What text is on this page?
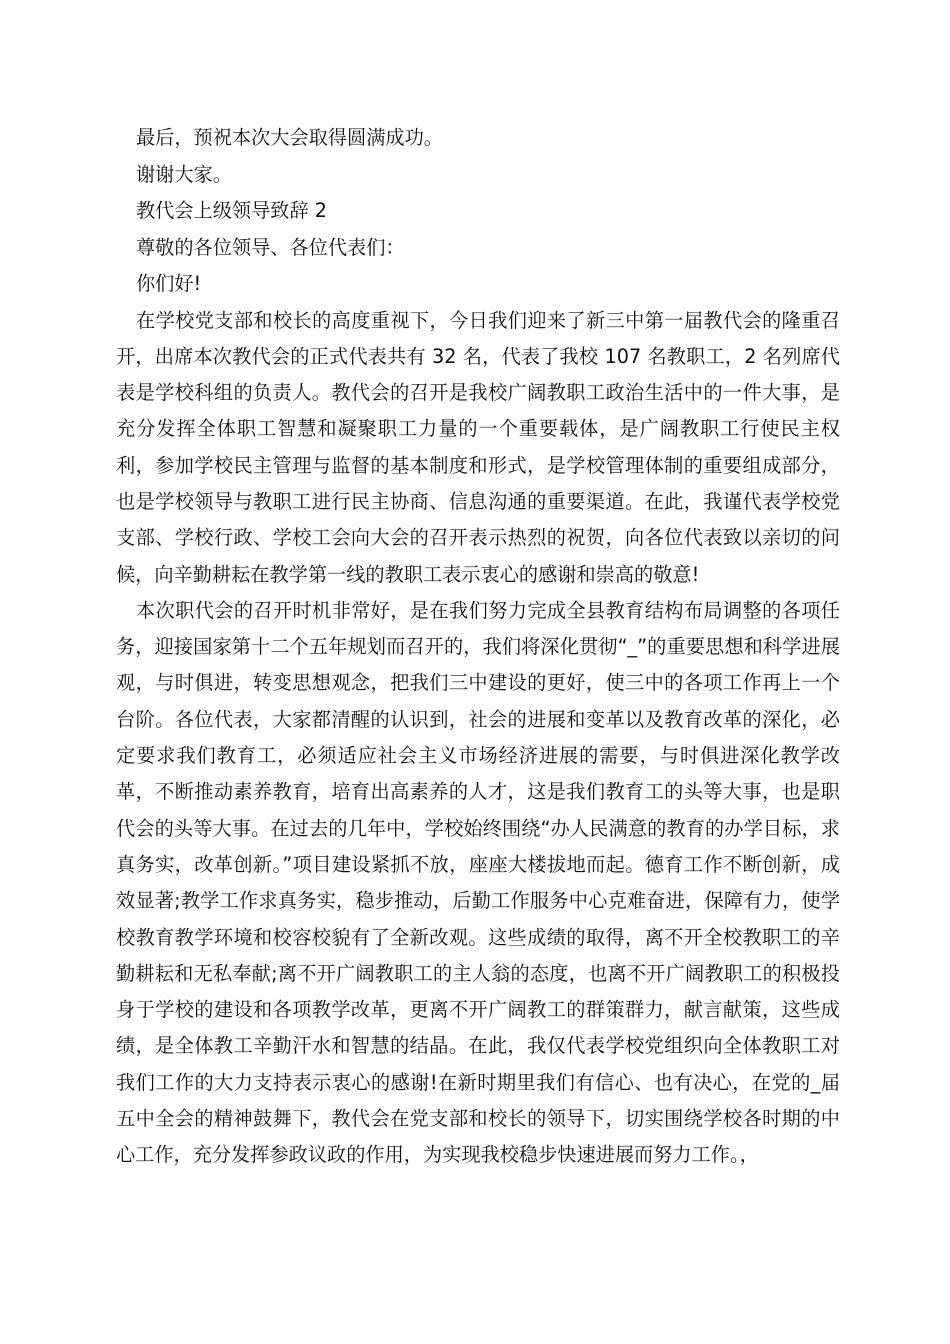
最后，预祝本次大会取得圆满成功。

谢谢大家。

教代会上级领导致辞 2

尊敬的各位领导、各位代表们：

你们好!

在学校党支部和校长的高度重视下，今日我们迎来了新三中第一届教代会的隆重召开，出席本次教代会的正式代表共有 32 名，代表了我校 107 名教职工，2 名列席代表是学校科组的负责人。教代会的召开是我校广阔教职工政治生活中的一件大事，是充分发挥全体职工智慧和凝聚职工力量的一个重要载体，是广阔教职工行使民主权利，参加学校民主管理与监督的基本制度和形式，是学校管理体制的重要组成部分，也是学校领导与教职工进行民主协商、信息沟通的重要渠道。在此，我谨代表学校党支部、学校行政、学校工会向大会的召开表示热烈的祝贺，向各位代表致以亲切的问候，向辛勤耕耘在教学第一线的教职工表示衷心的感谢和崇高的敬意!

本次职代会的召开时机非常好，是在我们努力完成全县教育结构布局调整的各项任务，迎接国家第十二个五年规划而召开的，我们将深化贯彻“_”的重要思想和科学进展观，与时俱进，转变思想观念，把我们三中建设的更好，使三中的各项工作再上一个台阶。各位代表，大家都清醒的认识到，社会的进展和变革以及教育改革的深化，必定要求我们教育工，必须适应社会主义市场经济进展的需要，与时俱进深化教学改革，不断推动素养教育，培育出高素养的人才，这是我们教育工的头等大事，也是职代会的头等大事。在过去的几年中，学校始终围绕“办人民满意的教育的办学目标，求真务实，改革创新。”项目建设紧抓不放，座座大楼拔地而起。德育工作不断创新，成效显著;教学工作求真务实，稳步推动，后勤工作服务中心克难奋进，保障有力，使学校教育教学环境和校容校貌有了全新改观。这些成绩的取得，离不开全校教职工的辛勤耕耘和无私奉献;离不开广阔教职工的主人翁的态度，也离不开广阔教职工的积极投身于学校的建设和各项教学改革，更离不开广阔教工的群策群力，献言献策，这些成绩，是全体教工辛勤汗水和智慧的结晶。在此，我仅代表学校党组织向全体教职工对我们工作的大力支持表示衷心的感谢!在新时期里我们有信心、也有决心，在党的_届五中全会的精神鼓舞下，教代会在党支部和校长的领导下，切实围绕学校各时期的中心工作，充分发挥参政议政的作用，为实现我校稳步快速进展而努力工作。，
